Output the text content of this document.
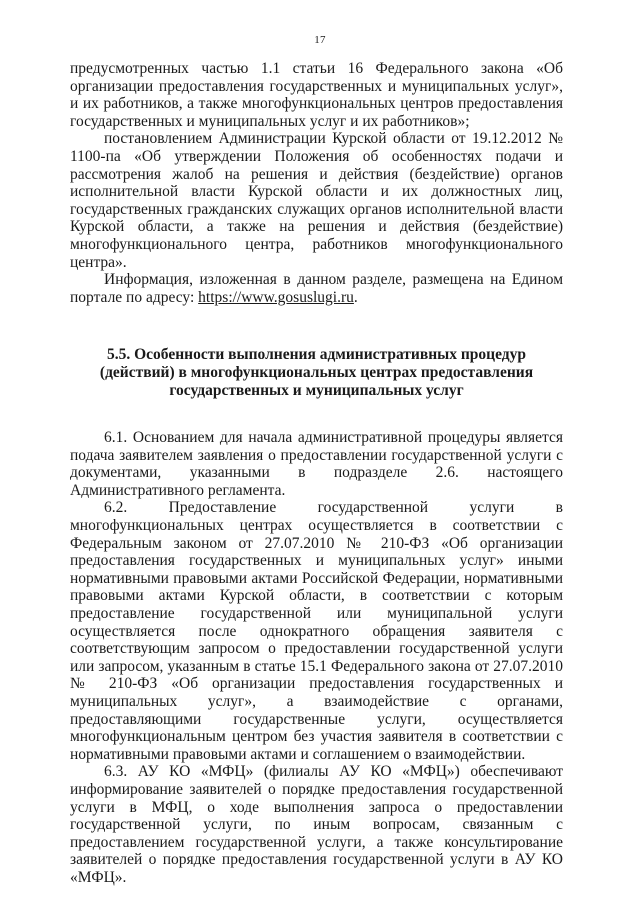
17

предусмотренных частью 1.1 статьи 16 Федерального закона «Об организации предоставления государственных и муниципальных услуг», и их работников, а также многофункциональных центров предоставления государственных и муниципальных услуг и их работников»;

постановлением Администрации Курской области от 19.12.2012 № 1100-па «Об утверждении Положения об особенностях подачи и рассмотрения жалоб на решения и действия (бездействие) органов исполнительной власти Курской области и их должностных лиц, государственных гражданских служащих органов исполнительной власти Курской области, а также на решения и действия (бездействие) многофункционального центра, работников многофункционального центра».

Информация, изложенная в данном разделе, размещена на Едином портале по адресу: https://www.gosuslugi.ru.

5.5. Особенности выполнения административных процедур
(действий) в многофункциональных центрах предоставления
государственных и муниципальных услуг

6.1. Основанием для начала административной процедуры является подача заявителем заявления о предоставлении государственной услуги с документами, указанными в подразделе 2.6. настоящего Административного регламента.

6.2. Предоставление государственной услуги в многофункциональных центрах осуществляется в соответствии с Федеральным законом от 27.07.2010 № 210-ФЗ «Об организации предоставления государственных и муниципальных услуг» иными нормативными правовыми актами Российской Федерации, нормативными правовыми актами Курской области, в соответствии с которым предоставление государственной или муниципальной услуги осуществляется после однократного обращения заявителя с соответствующим запросом о предоставлении государственной услуги или запросом, указанным в статье 15.1 Федерального закона от 27.07.2010 № 210-ФЗ «Об организации предоставления государственных и муниципальных услуг», а взаимодействие с органами, предоставляющими государственные услуги, осуществляется многофункциональным центром без участия заявителя в соответствии с нормативными правовыми актами и соглашением о взаимодействии.

6.3. АУ КО «МФЦ» (филиалы АУ КО «МФЦ») обеспечивают информирование заявителей о порядке предоставления государственной услуги в МФЦ, о ходе выполнения запроса о предоставлении государственной услуги, по иным вопросам, связанным с предоставлением государственной услуги, а также консультирование заявителей о порядке предоставления государственной услуги в АУ КО «МФЦ».
